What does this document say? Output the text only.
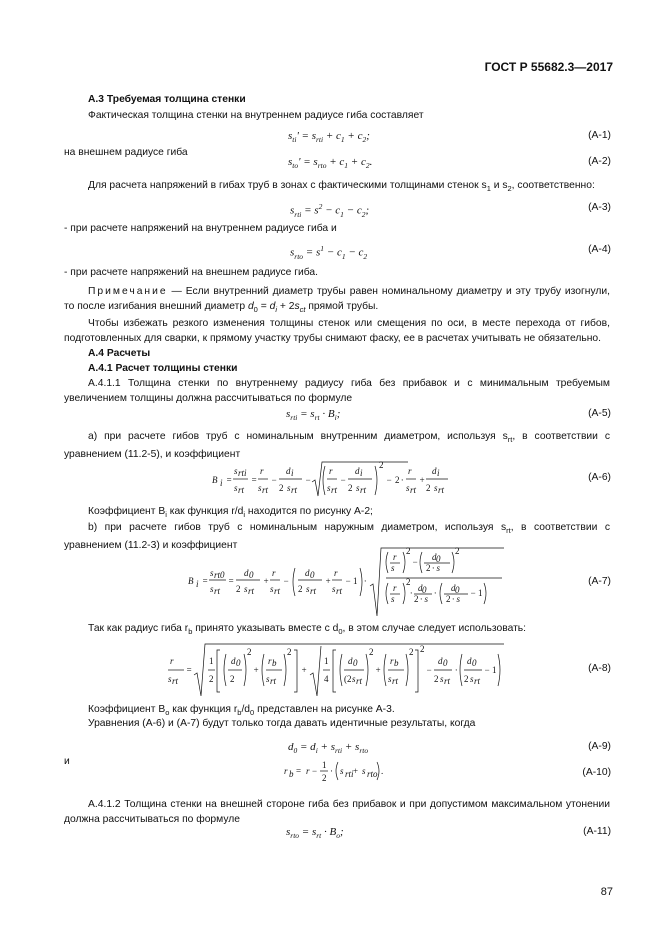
ГОСТ Р 55682.3—2017
А.3 Требуемая толщина стенки
Фактическая толщина стенки на внутреннем радиусе гиба составляет
$s_{ti}' = s_{rti} + c_1 + c_2$;	(A-1)
на внешнем радиусе гиба
$s_{to}' = s_{rto} + c_1 + c_2$.	(A-2)
Для расчета напряжений в гибах труб в зонах с фактическими толщинами стенок $s_1$ и $s_2$, соответственно:
$s_{rti} = s^2 - c_1 - c_2$;	(A-3)
- при расчете напряжений на внутреннем радиусе гиба и
$s_{rto} = s^1 - c_1 - c_2$
(A-4)
- при расчете напряжений на внешнем радиусе гиба.
Примечание — Если внутренний диаметр трубы равен номинальному диаметру и эту трубу изогнули, то после изгибания внешний диаметр $d_0 = d_i + 2s_{ct}$ прямой трубы.
Чтобы избежать резкого изменения толщины стенок или смещения по оси, в месте перехода от гибов, подготовленных для сварки, к прямому участку трубы снимают фаску, ее в расчетах учитывать не обязательно.
А.4 Расчеты
А.4.1 Расчет толщины стенки
А.4.1.1 Толщина стенки по внутреннему радиусу гиба без прибавок и с минимальным требуемым увеличением толщины должна рассчитываться по формуле
$s_{rti} = s_{rt} \cdot B_i$;	(A-5)
а) при расчете гибов труб с номинальным внутренним диаметром, используя $s_{rt}$, в соответствии с уравнением (11.2-5), и коэффициент
B i =
s rti
s rt
=
r
s rt
−
d i
2 s rt
−
r
s rt
−
d i
2 s rt
2
− 2 ·
r
s rt
+
d i
2 s rt
(A-6)
Коэффициент $B_i$ как функция $r/d_i$ находится по рисунку А-2;
b) при расчете гибов труб с номинальным наружным диаметром, используя $s_{rt}$, в соответствии с уравнением (11.2-3) и коэффициент
B i =
s rt0
s rt
=
d 0
2 s rt
+
r
s rt
−
d 0
2 s rt
+
r
s rt
− 1 ·
r
s
2
− d 0
2 · s
2
r
s
2
· d 0
2 · s
· d 0
2 · s
− 1
(A-7)
Так как радиус гиба $r_b$ принято указывать вместе с $d_0$, в этом случае следует использовать:
r
s rt
=
1
2
d 0
2
2
+
r b
s rt
2
+
1
4
d 0
(2 s rt
2
+
r b
s rt
2 2
−
d 0
2 s rt
·
d 0
2 s rt
− 1	(A-8)
Коэффициент $B_o$ как функция $r_b/d_0$ представлен на рисунке А-3.
Уравнения (А-6) и (А-7) будут только тогда давать идентичные результаты, когда
$d_0 = d_i + s_{rti} + s_{rto}$	(A-9)
и
r b = r −
1
2
· s rti + s rto .	(A-10)
А.4.1.2 Толщина стенки на внешней стороне гиба без прибавок и при допустимом максимальном утонении должна рассчитываться по формуле
$s_{rto} = s_{rt} \cdot B_o$;	(A-11)
87
